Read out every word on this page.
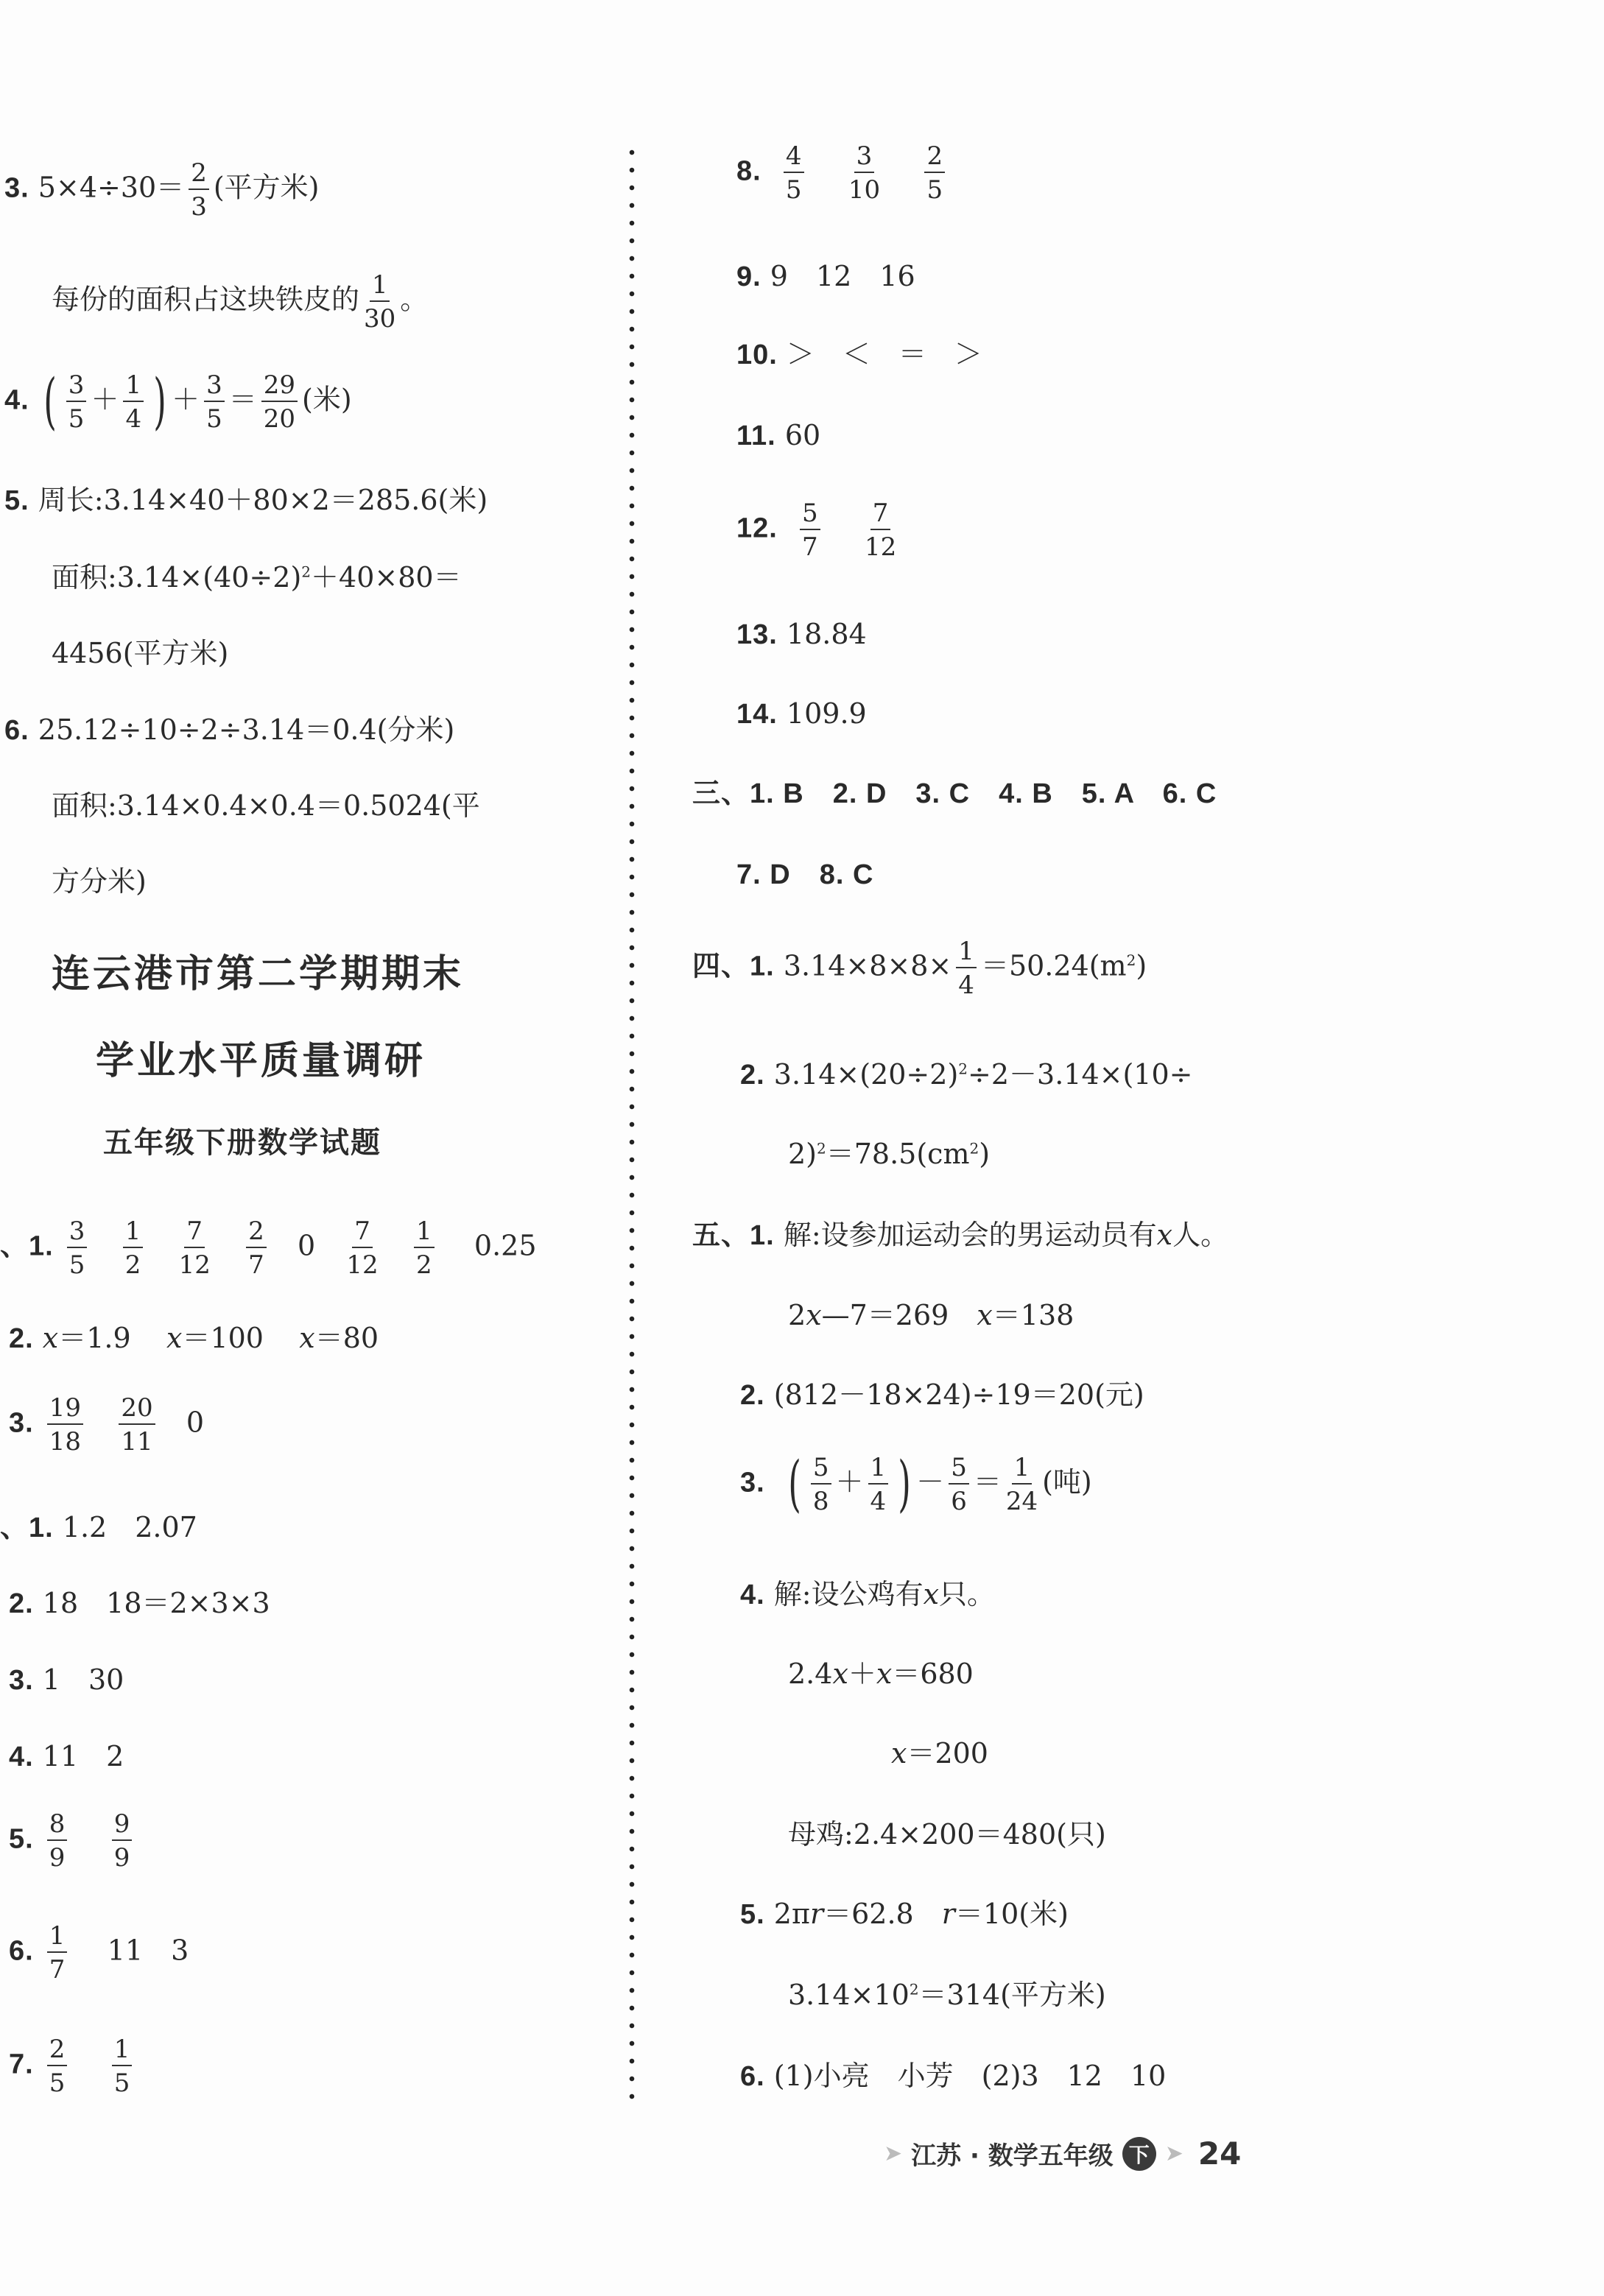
3. $5\times 4\div 30= \frac{2}{3}$ (平方米)
每份的面积占这块铁皮的 $\frac{1}{30}$ 。
4. ( $\frac{3}{5} + \frac{1}{4}$ ) ＋ $\frac{3}{5} = \frac{29}{20}$ (米)
5. 周长:3.14×40＋80×2＝285.6(米)
面积$:3.14\times(40\div 2)^2+40\times 80=$
4456(平方米)
6. 25.12÷10÷2÷3.14＝0.4(分米)
面积:3.14×0.4×0.4＝0.5024(平
方分米)
连云港市第二学期期末
学业水平质量调研
五年级下册数学试题
、1. $\frac{3}{5}$
$\frac{1}{2}$
$\frac{7}{12}$
$\frac{2}{7} 0 \frac{7}{12}$
$\frac{1}{2} 0.25$
2. x＝1.9 x＝100 x＝80
3. $\frac{19}{18}$
$\frac{20}{11} 0$
、1. 1.2　2.07
2. 18　18＝2×3×3
3. 1　30
4. 11　2
5. $\frac{8}{9}$
$\frac{9}{9}$
6. $\frac{1}{7} 11$　3
7. $\frac{2}{5}$
$\frac{1}{5}$
8. $\frac{4}{5}$
$\frac{3}{10}$
$\frac{2}{5}$
9. 9　12　16
10. ＞　＜　＝　＞
11. 60
12. $\frac{5}{7}$
$\frac{7}{12}$
13. 18.84
14. 109.9
三、1. B　2. D　3. C　4. B　5. A　6. C
7. D　8. C
四、1. $3.14\times 8\times 8\times \frac{1}{4} =50.24(m^2)$
2. $3.14\times(20\div 2)^2\div 2-3.14\times(10\div$
$2)^2=78.5(cm^2)$
五、1. 解:设参加运动会的男运动员有x人。
2x—7＝269　x＝138
2. (812－18×24)÷19＝20(元)
3. ( $\frac{5}{8} + \frac{1}{4}$ ) － $\frac{5}{6} = \frac{1}{24}$ (吨)
4. 解:设公鸡有x只。
2.4x＋x＝680
x＝200
母鸡:2.4×200＝480(只)
5. 2πr＝62.8　r＝10(米)
$3.14\times 10^2=314$(平方米)
6. (1)小亮　小芳　(2)3　12　10
➤ 江苏 · 数学五年级 下 ➤ 24
